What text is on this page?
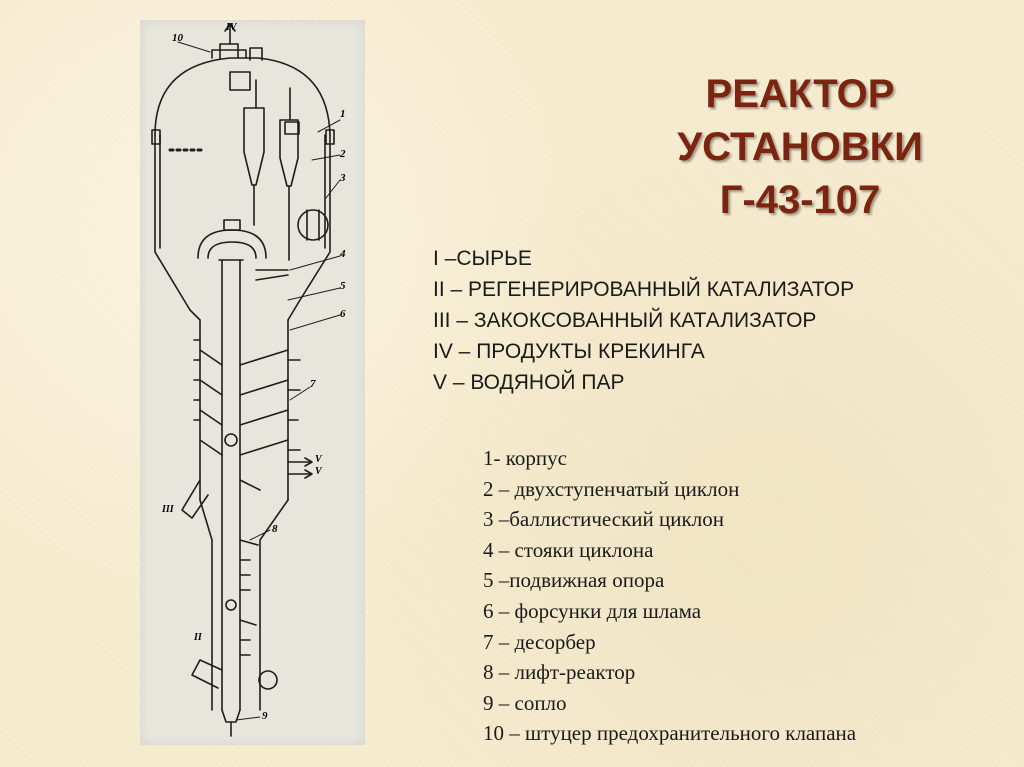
10
1
2
3
4
5
6
7
8
9
IV
V
V
III
II
РЕАКТОР
УСТАНОВКИ
Г-43-107
I –СЫРЬЕ
II – РЕГЕНЕРИРОВАННЫЙ КАТАЛИЗАТОР
III – ЗАКОКСОВАННЫЙ КАТАЛИЗАТОР
IV – ПРОДУКТЫ КРЕКИНГА
V – ВОДЯНОЙ ПАР
1- корпус
2 – двухступенчатый циклон
3 –баллистический циклон
4 – стояки циклона
5 –подвижная опора
6 – форсунки для шлама
7 – десорбер
8 – лифт-реактор
9 – сопло
10 – штуцер предохранительного клапана
